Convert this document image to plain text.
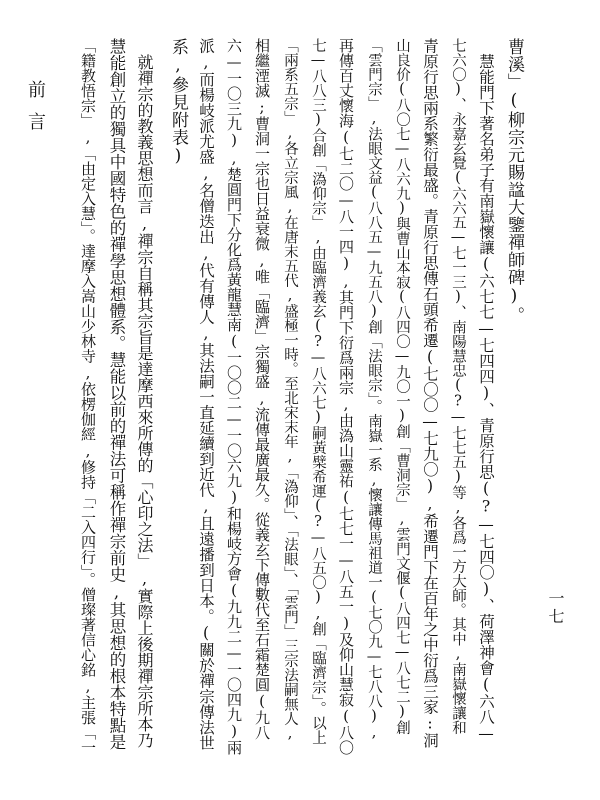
前言	曹溪」(柳宗元賜諡大鑒禪師碑)。
　慧能門下著名弟子有南嶽懷讓(六七七—七四四)、青原行思(?—七四〇)、荷澤神會(六八—
七六〇)、永嘉玄覺(六六五—七一三)、南陽慧忠(?—七七五)等,各爲一方大師。其中,南嶽懷讓和
青原行思兩系繁衍最盛。青原行思傳石頭希遷(七〇〇—七九〇),希遷門下在百年之中衍爲三家:洞
山良价(八〇七—八六九)與曹山本寂(八四〇—九〇一)創「曹洞宗」,雲門文偃(八四七—八七二)創
「雲門宗」,法眼文益(八八五—九五八)創「法眼宗」。南嶽一系,懷讓傳馬祖道一(七〇九—七八八),
再傳百丈懷海(七二〇—八一四),其門下衍爲兩宗,由溈山靈祐(七七一—八五一)及仰山慧寂(八〇
七—八八三)合創「溈仰宗」,由臨濟義玄(?—八六七)嗣黃檗希運(?—八五〇),創「臨濟宗」。以上
「兩系五宗」,各立宗風,在唐末五代,盛極一時。至北宋末年,「溈仰」、「法眼」、「雲門」三宗法嗣無人,
相繼湮滅;曹洞一宗也日益衰微,唯「臨濟」宗獨盛,流傳最廣最久。從義玄下傳數代至石霜楚圓(九八
六—一〇三九),楚圓門下分化爲黃龍慧南(一〇〇二—一〇六九)和楊岐方會(九九二—一〇四九)兩
派,而楊岐派尤盛,名僧迭出,代有傳人,其法嗣一直延續到近代,且遠播到日本。(關於禪宗傳法世
系,參見附表)
　就禪宗的教義思想而言,禪宗自稱其宗旨是達摩西來所傳的「心印之法」,實際上後期禪宗所本乃
慧能創立的獨具中國特色的禪學思想體系。慧能以前的禪法可稱作禪宗前史,其思想的根本特點是
「籍教悟宗」,「由定入慧」。達摩入嵩山少林寺,依楞伽經,修持「二入四行」。僧璨著信心銘,主張「一	一七
